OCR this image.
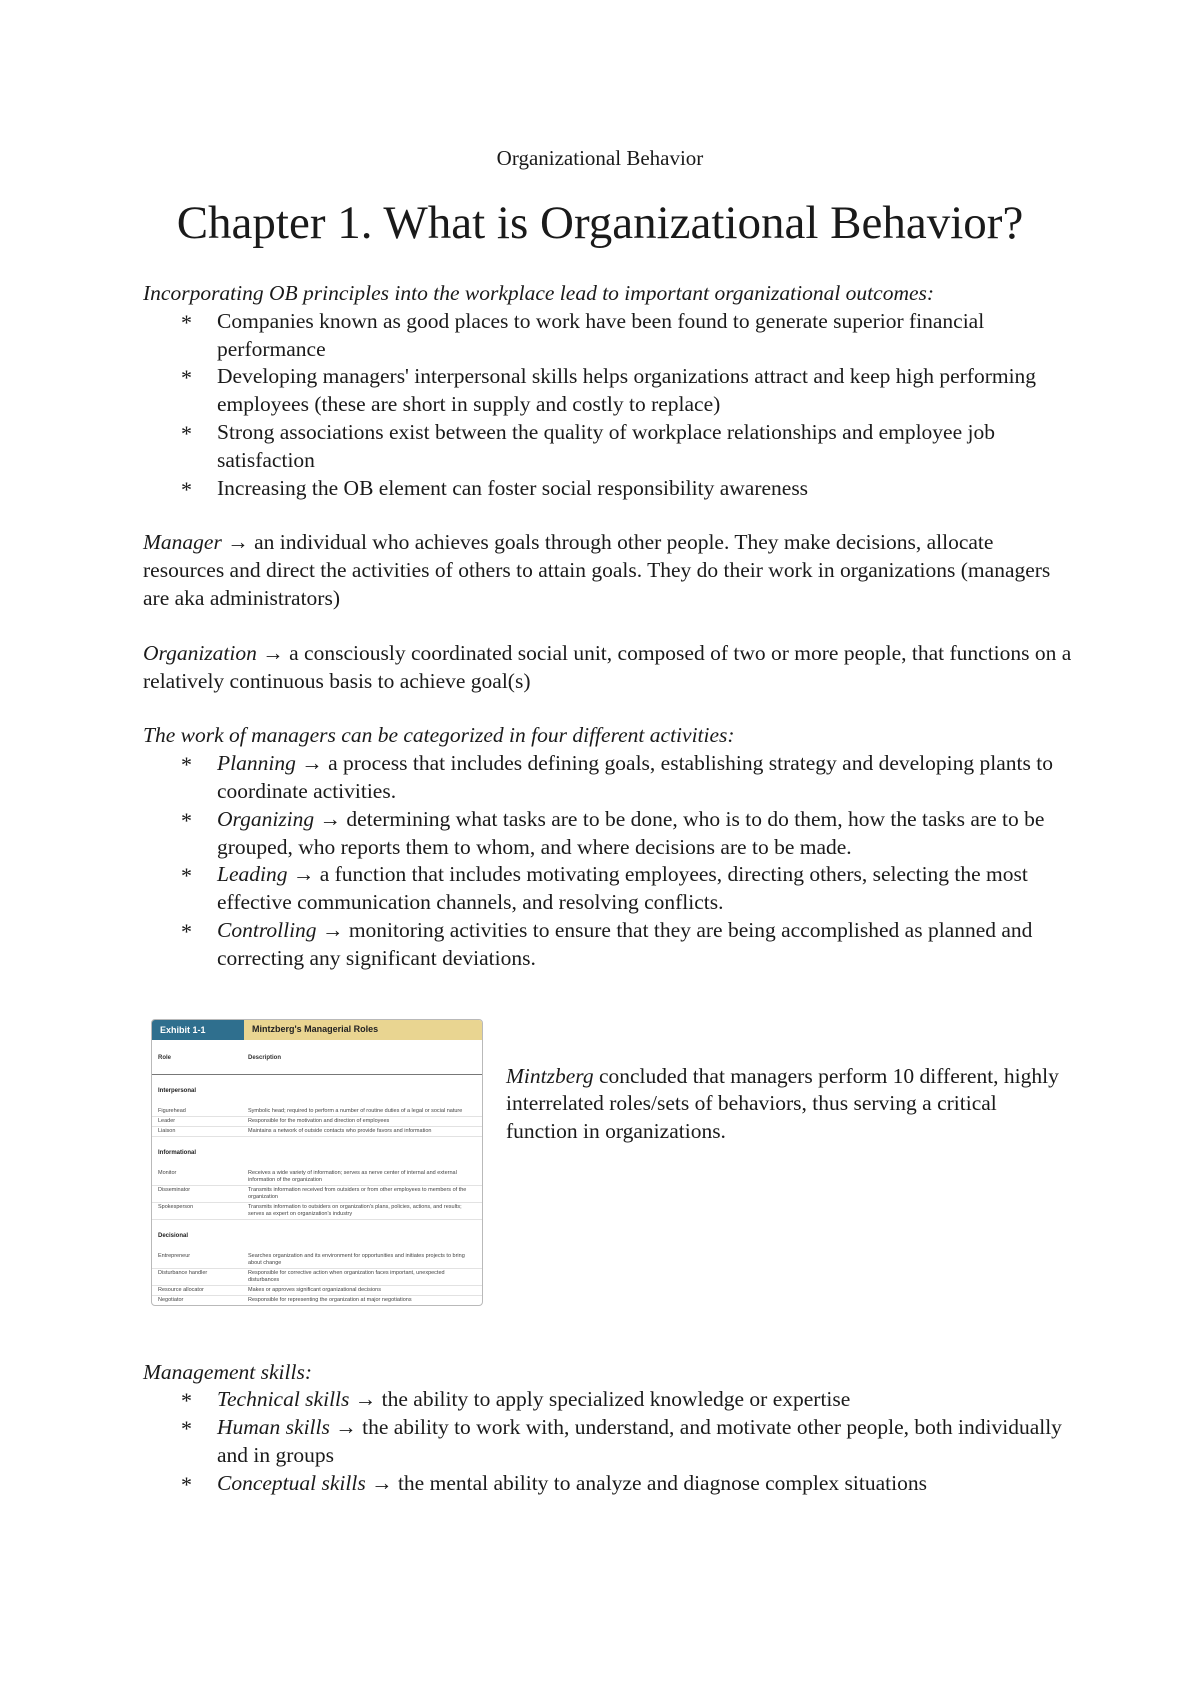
Organizational Behavior
Chapter 1. What is Organizational Behavior?

Incorporating OB principles into the workplace lead to important organizational outcomes:

* Companies known as good places to work have been found to generate superior financial performance
* Developing managers' interpersonal skills helps organizations attract and keep high performing employees (these are short in supply and costly to replace)
* Strong associations exist between the quality of workplace relationships and employee job satisfaction
* Increasing the OB element can foster social responsibility awareness

Manager → an individual who achieves goals through other people. They make decisions, allocate resources and direct the activities of others to attain goals. They do their work in organizations (managers are aka administrators)

Organization → a consciously coordinated social unit, composed of two or more people, that functions on a relatively continuous basis to achieve goal(s)

The work of managers can be categorized in four different activities:

* Planning → a process that includes defining goals, establishing strategy and developing plants to coordinate activities.
* Organizing → determining what tasks are to be done, who is to do them, how the tasks are to be grouped, who reports them to whom, and where decisions are to be made.
* Leading → a function that includes motivating employees, directing others, selecting the most effective communication channels, and resolving conflicts.
* Controlling → monitoring activities to ensure that they are being accomplished as planned and correcting any significant deviations.
Exhibit 1-1	Mintzberg's Managerial Roles
Role	Description
Interpersonal
Figurehead	Symbolic head; required to perform a number of routine duties of a legal or social nature
Leader	Responsible for the motivation and direction of employees
Liaison	Maintains a network of outside contacts who provide favors and information
Informational
Monitor	Receives a wide variety of information; serves as nerve center of internal and external information of the organization
Disseminator	Transmits information received from outsiders or from other employees to members of the organization
Spokesperson	Transmits information to outsiders on organization's plans, policies, actions, and results; serves as expert on organization's industry
Decisional
Entrepreneur	Searches organization and its environment for opportunities and initiates projects to bring about change
Disturbance handler	Responsible for corrective action when organization faces important, unexpected disturbances
Resource allocator	Makes or approves significant organizational decisions
Negotiator	Responsible for representing the organization at major negotiations

Mintzberg concluded that managers perform 10 different, highly interrelated roles/sets of behaviors, thus serving a critical function in organizations.

Management skills:

* Technical skills → the ability to apply specialized knowledge or expertise
* Human skills → the ability to work with, understand, and motivate other people, both individually and in groups
* Conceptual skills → the mental ability to analyze and diagnose complex situations
